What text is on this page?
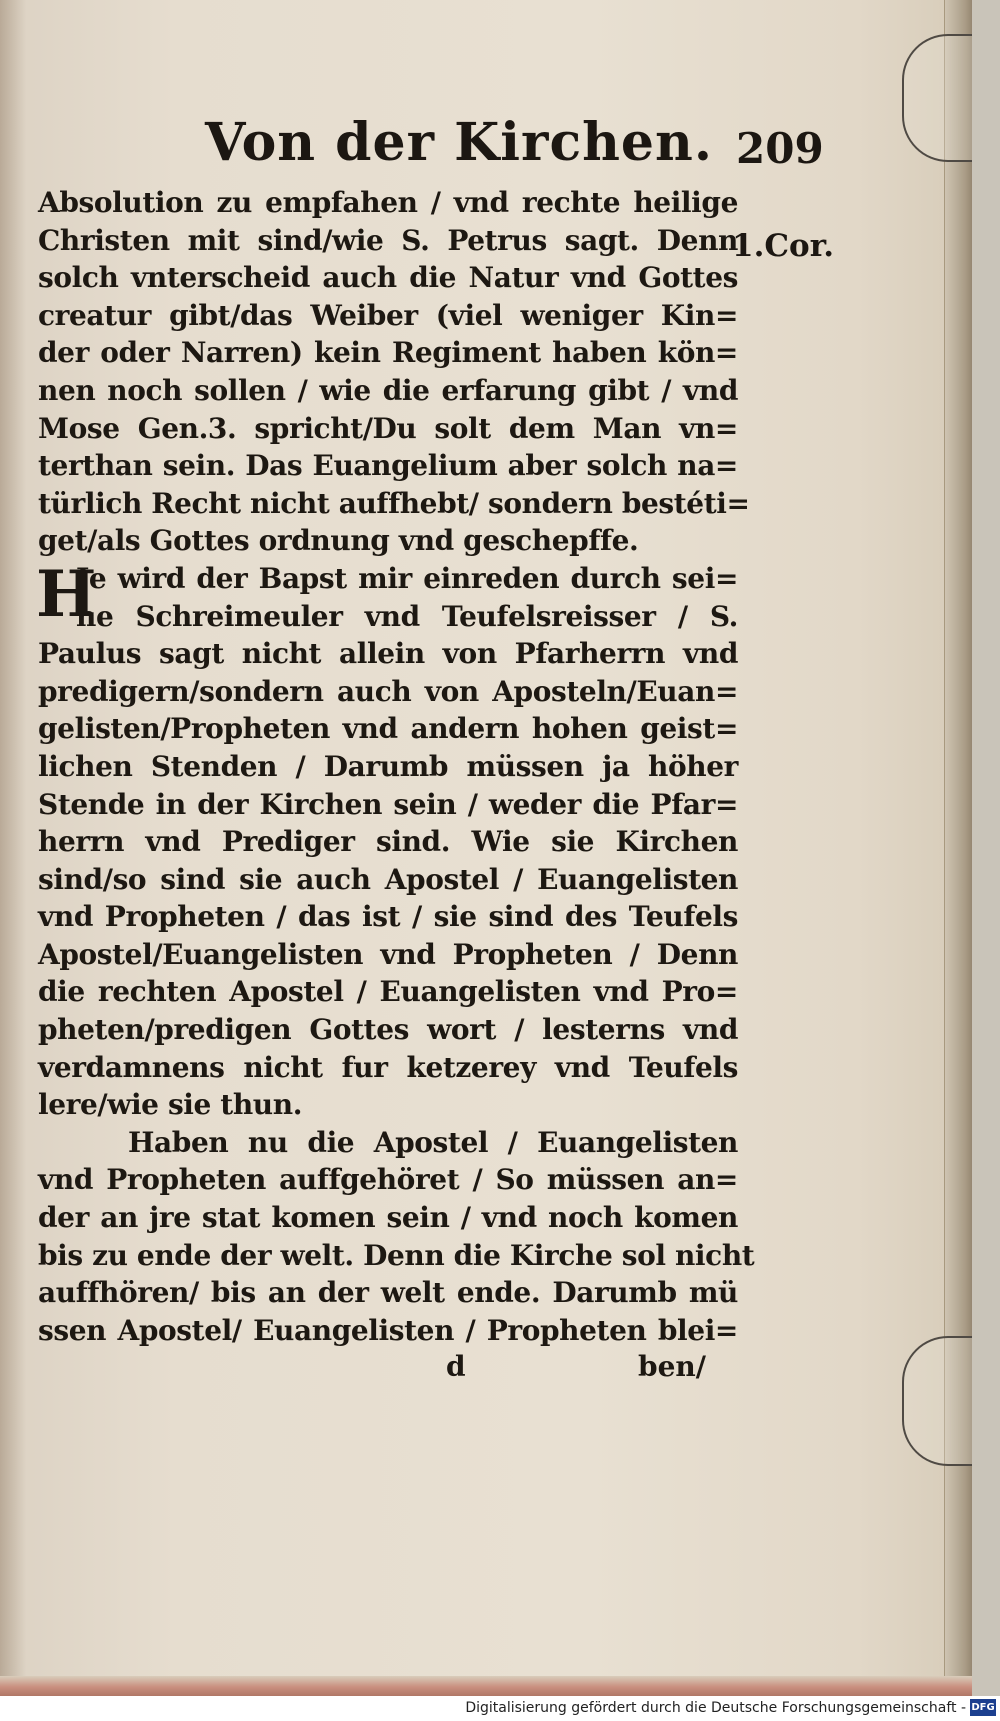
Von der Kirchen. 209
1.Cor.
H
Absolution zu empfahen / vnd rechte heilige
Christen mit sind/wie S. Petrus sagt. Denn
solch vnterscheid auch die Natur vnd Gottes
creatur gibt/das Weiber (viel weniger Kin=
der oder Narren) kein Regiment haben kön=
nen noch sollen / wie die erfarung gibt / vnd
Mose Gen.3. spricht/Du solt dem Man vn=
terthan sein. Das Euangelium aber solch na=
türlich Recht nicht auffhebt/ sondern bestéti=
get/als Gottes ordnung vnd geschepffe.
Je wird der Bapst mir einreden durch sei=
ne Schreimeuler vnd Teufelsreisser / S.
Paulus sagt nicht allein von Pfarherrn vnd
predigern/sondern auch von Aposteln/Euan=
gelisten/Propheten vnd andern hohen geist=
lichen Stenden / Darumb müssen ja höher
Stende in der Kirchen sein / weder die Pfar=
herrn vnd Prediger sind. Wie sie Kirchen
sind/so sind sie auch Apostel / Euangelisten
vnd Propheten / das ist / sie sind des Teufels
Apostel/Euangelisten vnd Propheten / Denn
die rechten Apostel / Euangelisten vnd Pro=
pheten/predigen Gottes wort / lesterns vnd
verdamnens nicht fur ketzerey vnd Teufels
lere/wie sie thun.
Haben nu die Apostel / Euangelisten
vnd Propheten auffgehöret / So müssen an=
der an jre stat komen sein / vnd noch komen
bis zu ende der welt. Denn die Kirche sol nicht
auffhören/ bis an der welt ende. Darumb mü
ssen Apostel/ Euangelisten / Propheten blei=
d	ben/
Digitalisierung gefördert durch die Deutsche Forschungsgemeinschaft - DFG
